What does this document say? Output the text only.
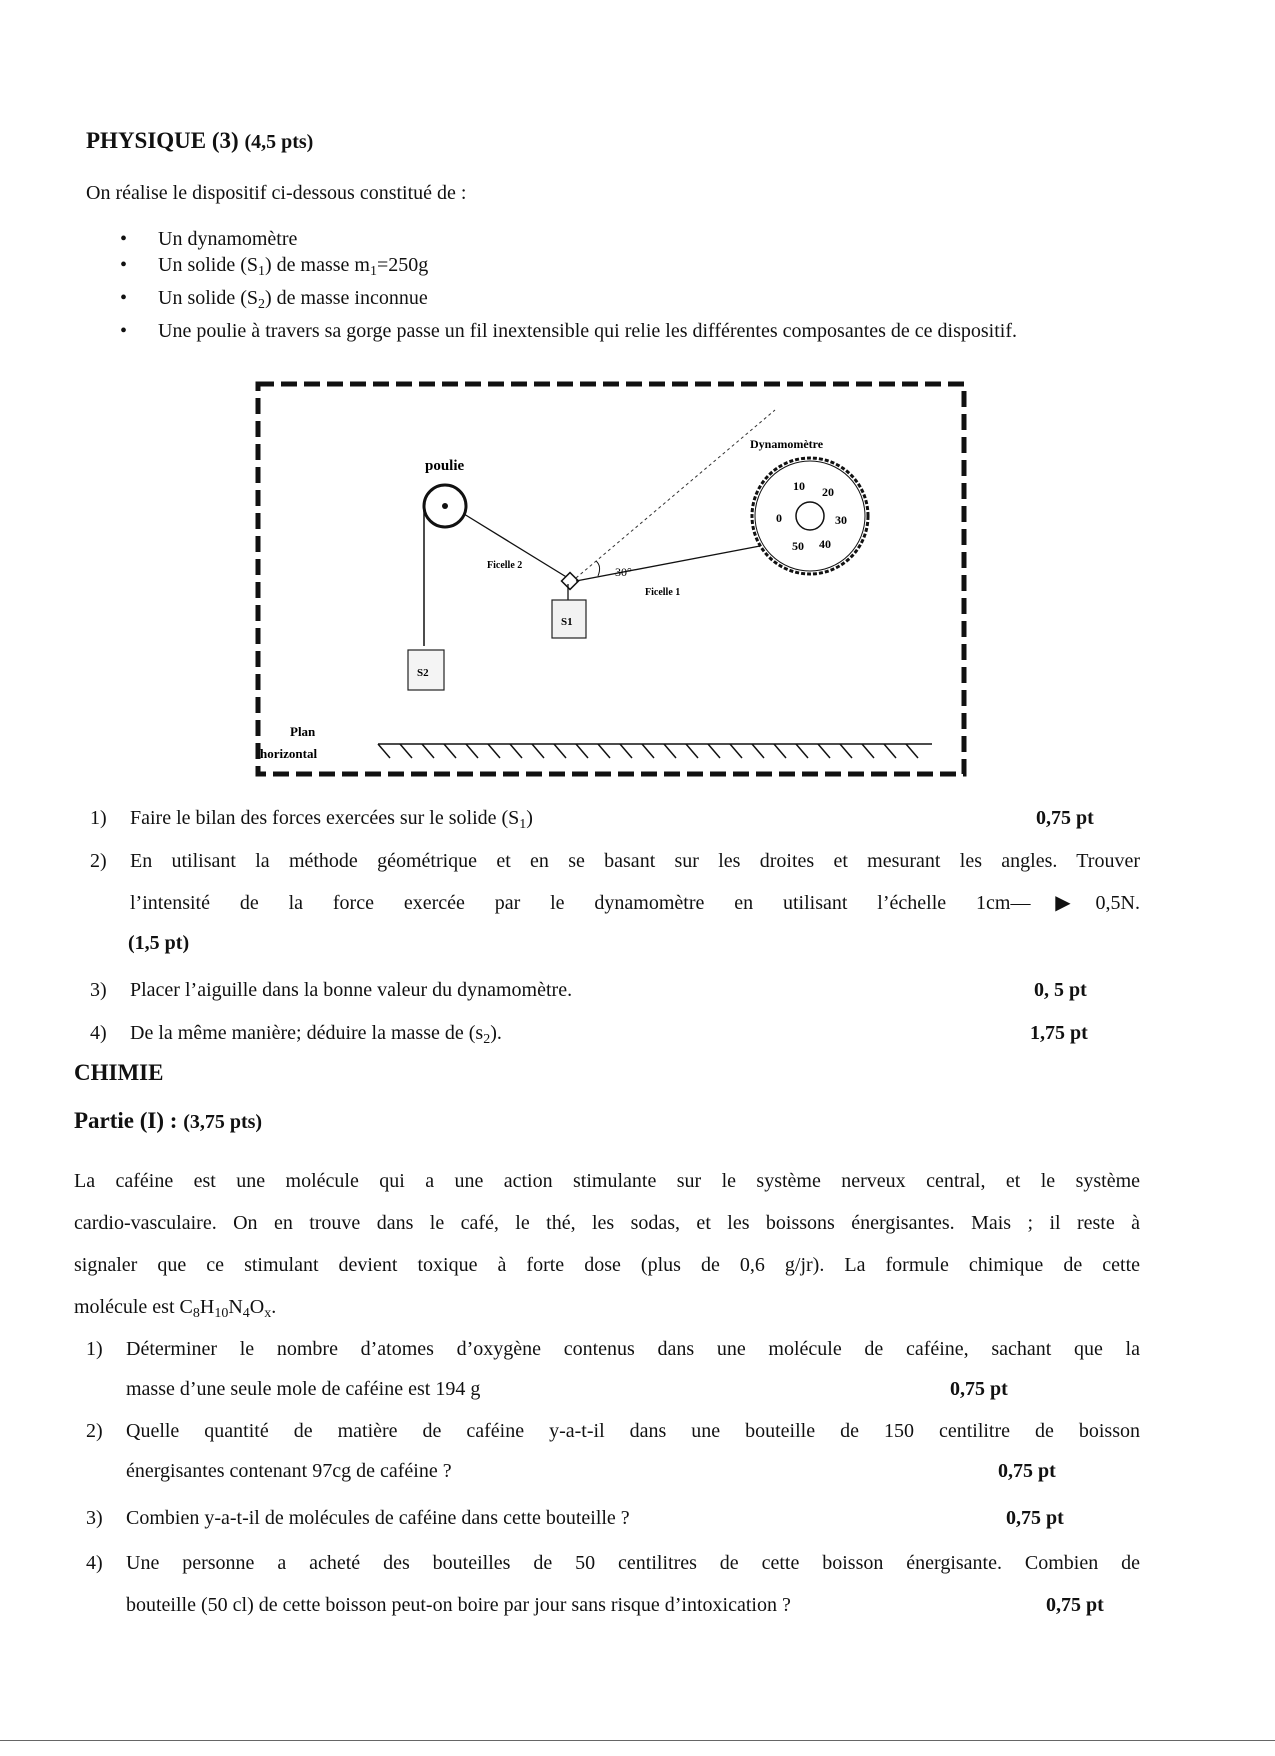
PHYSIQUE (3) (4,5 pts)
On réalise le dispositif ci-dessous constitué de :
• Un dynamomètre
• Un solide $(S_1)$ de masse $m_1=250g$
• Un solide $(S_2)$ de masse inconnue
• Une poulie à travers sa gorge passe un fil inextensible qui relie les différentes composantes de ce dispositif.
poulie
S2
Ficelle 2
S1
Ficelle 1
30°
10 20
30
40
50
0
Dynamomètre
Plan
horizontal
1) Faire le bilan des forces exercées sur le solide $(S_1)$	0,75 pt
2) En utilisant la méthode géométrique et en se basant sur les droites et mesurant les angles. Trouver
l’intensité de la force exercée par le dynamomètre en utilisant l’échelle 1cm—▶0,5N.
(1,5 pt)
3) Placer l’aiguille dans la bonne valeur du dynamomètre.	0, 5 pt
4) De la même manière; déduire la masse de $(s_2)$.	1,75 pt
CHIMIE
Partie (I) : (3,75 pts)
La caféine est une molécule qui a une action stimulante sur le système nerveux central, et le système
cardio-vasculaire. On en trouve dans le café, le thé, les sodas, et les boissons énergisantes. Mais ; il reste à
signaler que ce stimulant devient toxique à forte dose (plus de 0,6 g/jr). La formule chimique de cette
molécule est $C_8H_{10}N_4O_x$.
1) Déterminer le nombre d’atomes d’oxygène contenus dans une molécule de caféine, sachant que la
masse d’une seule mole de caféine est 194 g	0,75 pt
2) Quelle quantité de matière de caféine y-a-t-il dans une bouteille de 150 centilitre de boisson
énergisantes contenant 97cg de caféine ?	0,75 pt
3) Combien y-a-t-il de molécules de caféine dans cette bouteille ?	0,75 pt
4) Une personne a acheté des bouteilles de 50 centilitres de cette boisson énergisante. Combien de
bouteille (50 cl) de cette boisson peut-on boire par jour sans risque d’intoxication ?	0,75 pt
